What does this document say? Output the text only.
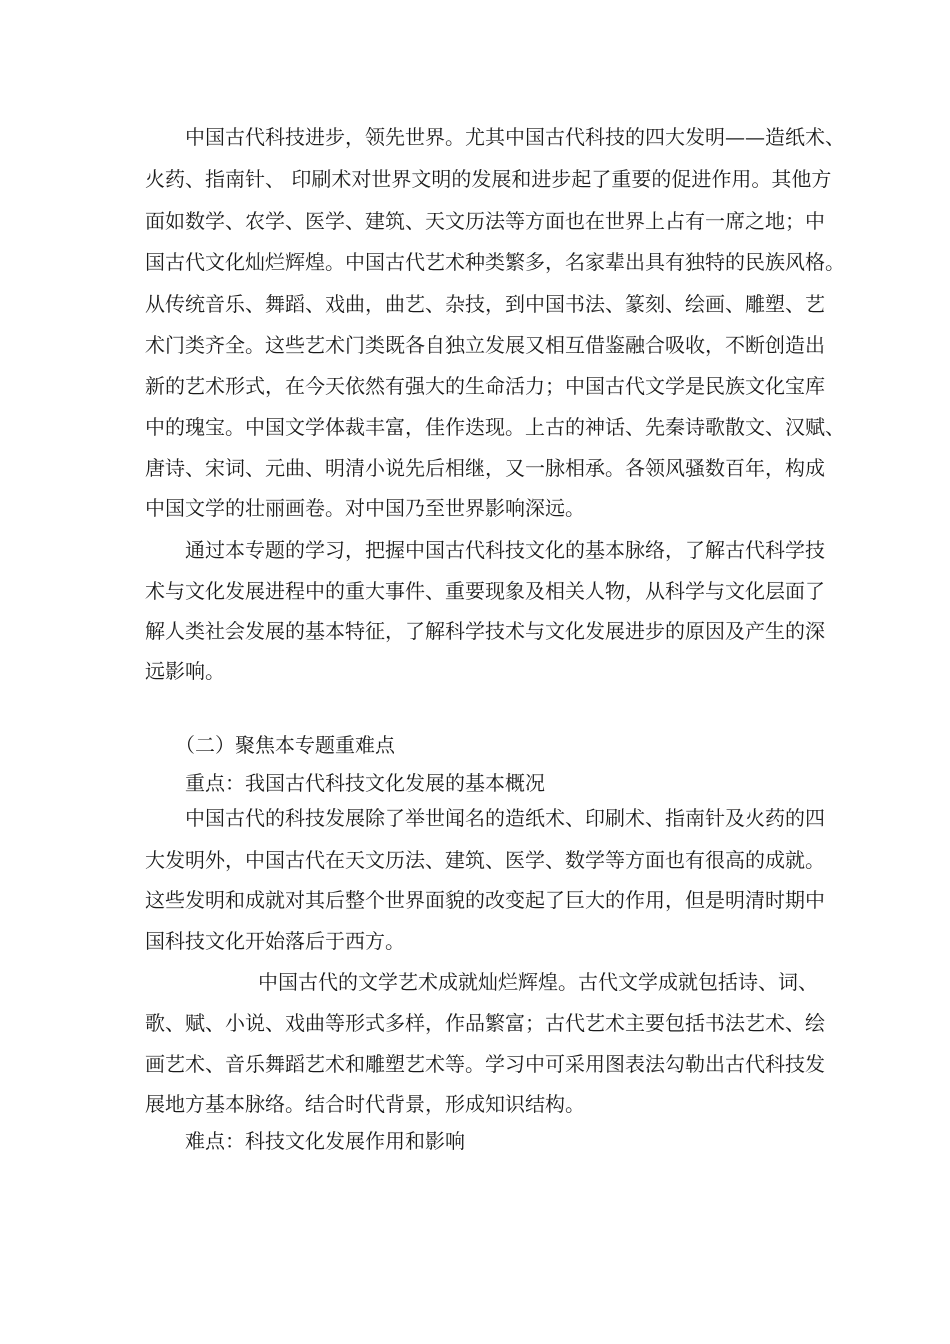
中国古代科技进步，领先世界。尤其中国古代科技的四大发明——造纸术、
火药、指南针、 印刷术对世界文明的发展和进步起了重要的促进作用。其他方
面如数学、农学、医学、建筑、天文历法等方面也在世界上占有一席之地；中
国古代文化灿烂辉煌。中国古代艺术种类繁多，名家辈出具有独特的民族风格。
从传统音乐、舞蹈、戏曲，曲艺、杂技，到中国书法、篆刻、绘画、雕塑、艺
术门类齐全。这些艺术门类既各自独立发展又相互借鉴融合吸收，不断创造出
新的艺术形式，在今天依然有强大的生命活力；中国古代文学是民族文化宝库
中的瑰宝。中国文学体裁丰富，佳作迭现。上古的神话、先秦诗歌散文、汉赋、
唐诗、宋词、元曲、明清小说先后相继，又一脉相承。各领风骚数百年，构成
中国文学的壮丽画卷。对中国乃至世界影响深远。
通过本专题的学习，把握中国古代科技文化的基本脉络，了解古代科学技
术与文化发展进程中的重大事件、重要现象及相关人物，从科学与文化层面了
解人类社会发展的基本特征，了解科学技术与文化发展进步的原因及产生的深
远影响。
（二）聚焦本专题重难点
重点：我国古代科技文化发展的基本概况
中国古代的科技发展除了举世闻名的造纸术、印刷术、指南针及火药的四
大发明外，中国古代在天文历法、建筑、医学、数学等方面也有很高的成就。
这些发明和成就对其后整个世界面貌的改变起了巨大的作用，但是明清时期中
国科技文化开始落后于西方。
中国古代的文学艺术成就灿烂辉煌。古代文学成就包括诗、词、
歌、赋、小说、戏曲等形式多样，作品繁富；古代艺术主要包括书法艺术、绘
画艺术、音乐舞蹈艺术和雕塑艺术等。学习中可采用图表法勾勒出古代科技发
展地方基本脉络。结合时代背景，形成知识结构。
难点：科技文化发展作用和影响
